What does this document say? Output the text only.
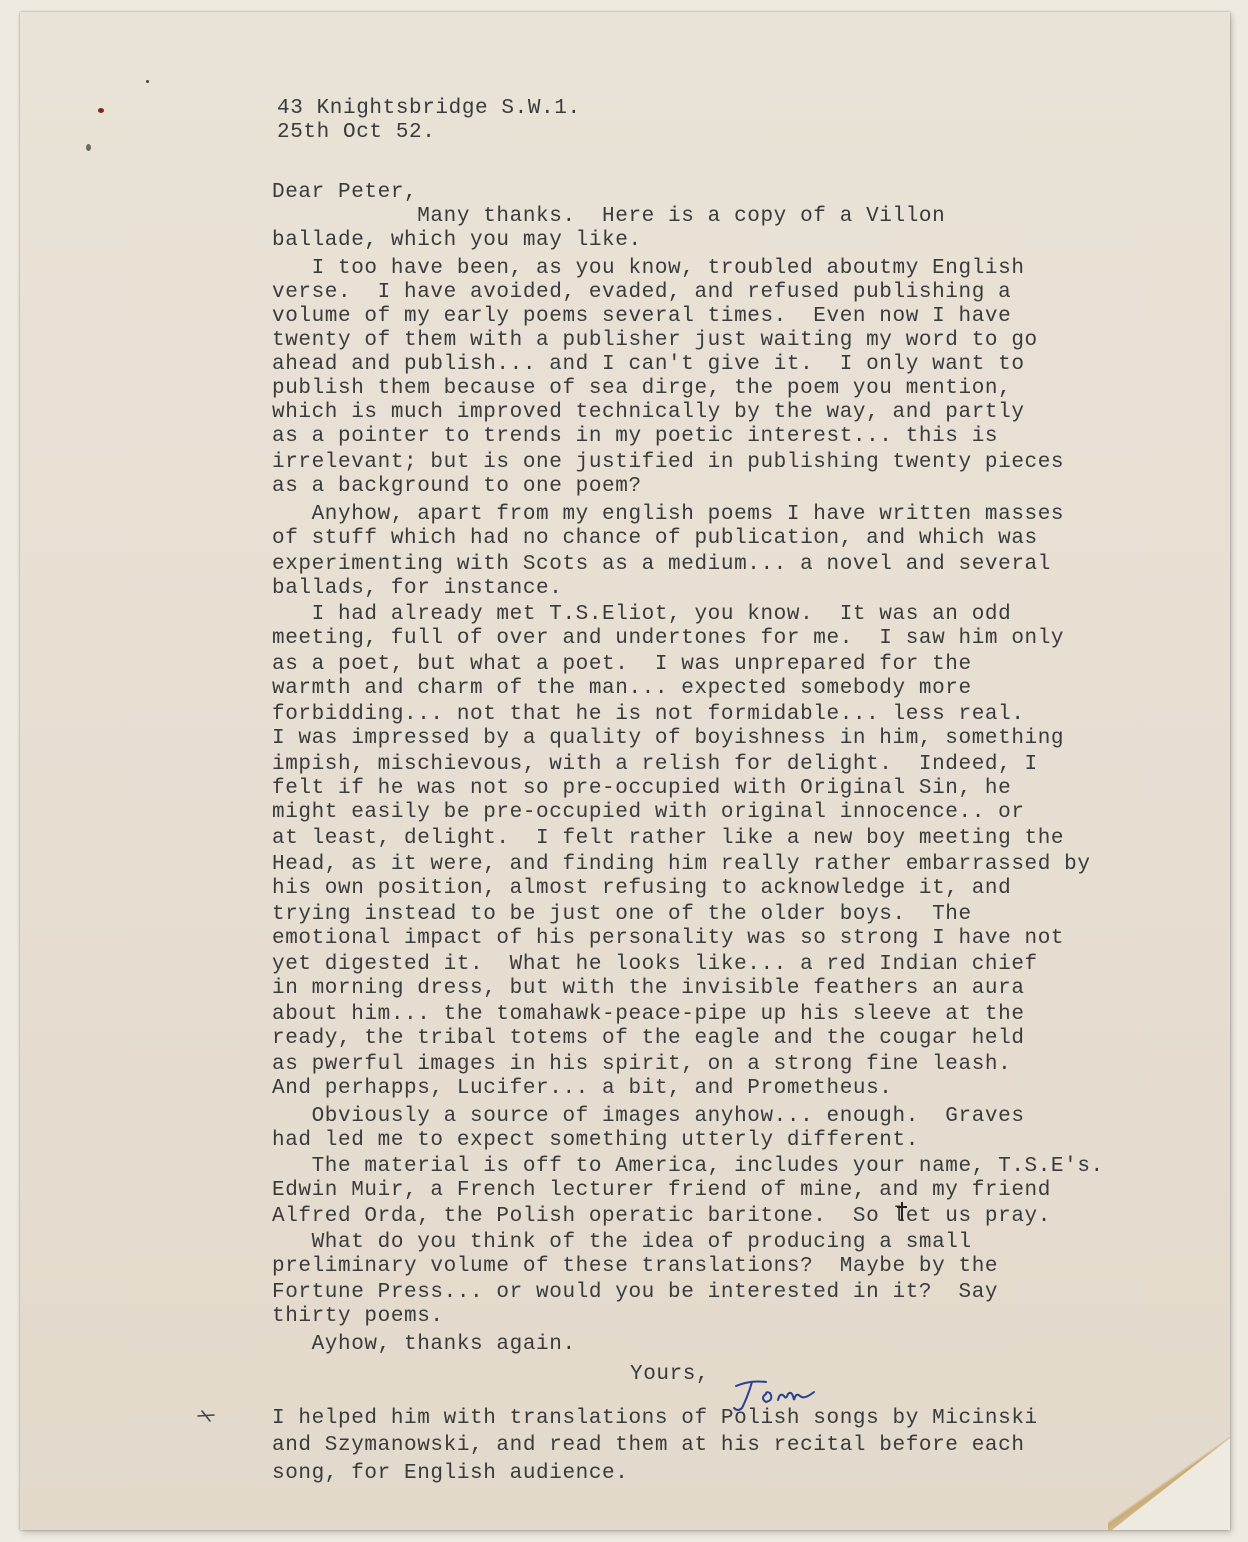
43 Knightsbridge S.W.1.

25th Oct 52.

Dear Peter,

Many thanks.  Here is a copy of a Villon

ballade, which you may like.

I too have been, as you know, troubled aboutmy English

verse.  I have avoided, evaded, and refused publishing a

volume of my early poems several times.  Even now I have

twenty of them with a publisher just waiting my word to go

ahead and publish... and I can't give it.  I only want to

publish them because of sea dirge, the poem you mention,

which is much improved technically by the way, and partly

as a pointer to trends in my poetic interest... this is

irrelevant; but is one justified in publishing twenty pieces

as a background to one poem?

Anyhow, apart from my english poems I have written masses

of stuff which had no chance of publication, and which was

experimenting with Scots as a medium... a novel and several

ballads, for instance.

I had already met T.S.Eliot, you know.  It was an odd

meeting, full of over and undertones for me.  I saw him only

as a poet, but what a poet.  I was unprepared for the

warmth and charm of the man... expected somebody more

forbidding... not that he is not formidable... less real.

I was impressed by a quality of boyishness in him, something

impish, mischievous, with a relish for delight.  Indeed, I

felt if he was not so pre-occupied with Original Sin, he

might easily be pre-occupied with original innocence.. or

at least, delight.  I felt rather like a new boy meeting the

Head, as it were, and finding him really rather embarrassed by

his own position, almost refusing to acknowledge it, and

trying instead to be just one of the older boys.  The

emotional impact of his personality was so strong I have not

yet digested it.  What he looks like... a red Indian chief

in morning dress, but with the invisible feathers an aura

about him... the tomahawk-peace-pipe up his sleeve at the

ready, the tribal totems of the eagle and the cougar held

as pwerful images in his spirit, on a strong fine leash.

And perhapps, Lucifer... a bit, and Prometheus.

Obviously a source of images anyhow... enough.  Graves

had led me to expect something utterly different.

The material is off to America, includes your name, T.S.E's.

Edwin Muir, a French lecturer friend of mine, and my friend

Alfred Orda, the Polish operatic baritone.  So let us pray.

What do you think of the idea of producing a small

preliminary volume of these translations?  Maybe by the

Fortune Press... or would you be interested in it?  Say

thirty poems.

Ayhow, thanks again.

Yours,	Tom

I helped him with translations of Polish songs by Micinski

and Szymanowski, and read them at his recital before each

song, for English audience.
